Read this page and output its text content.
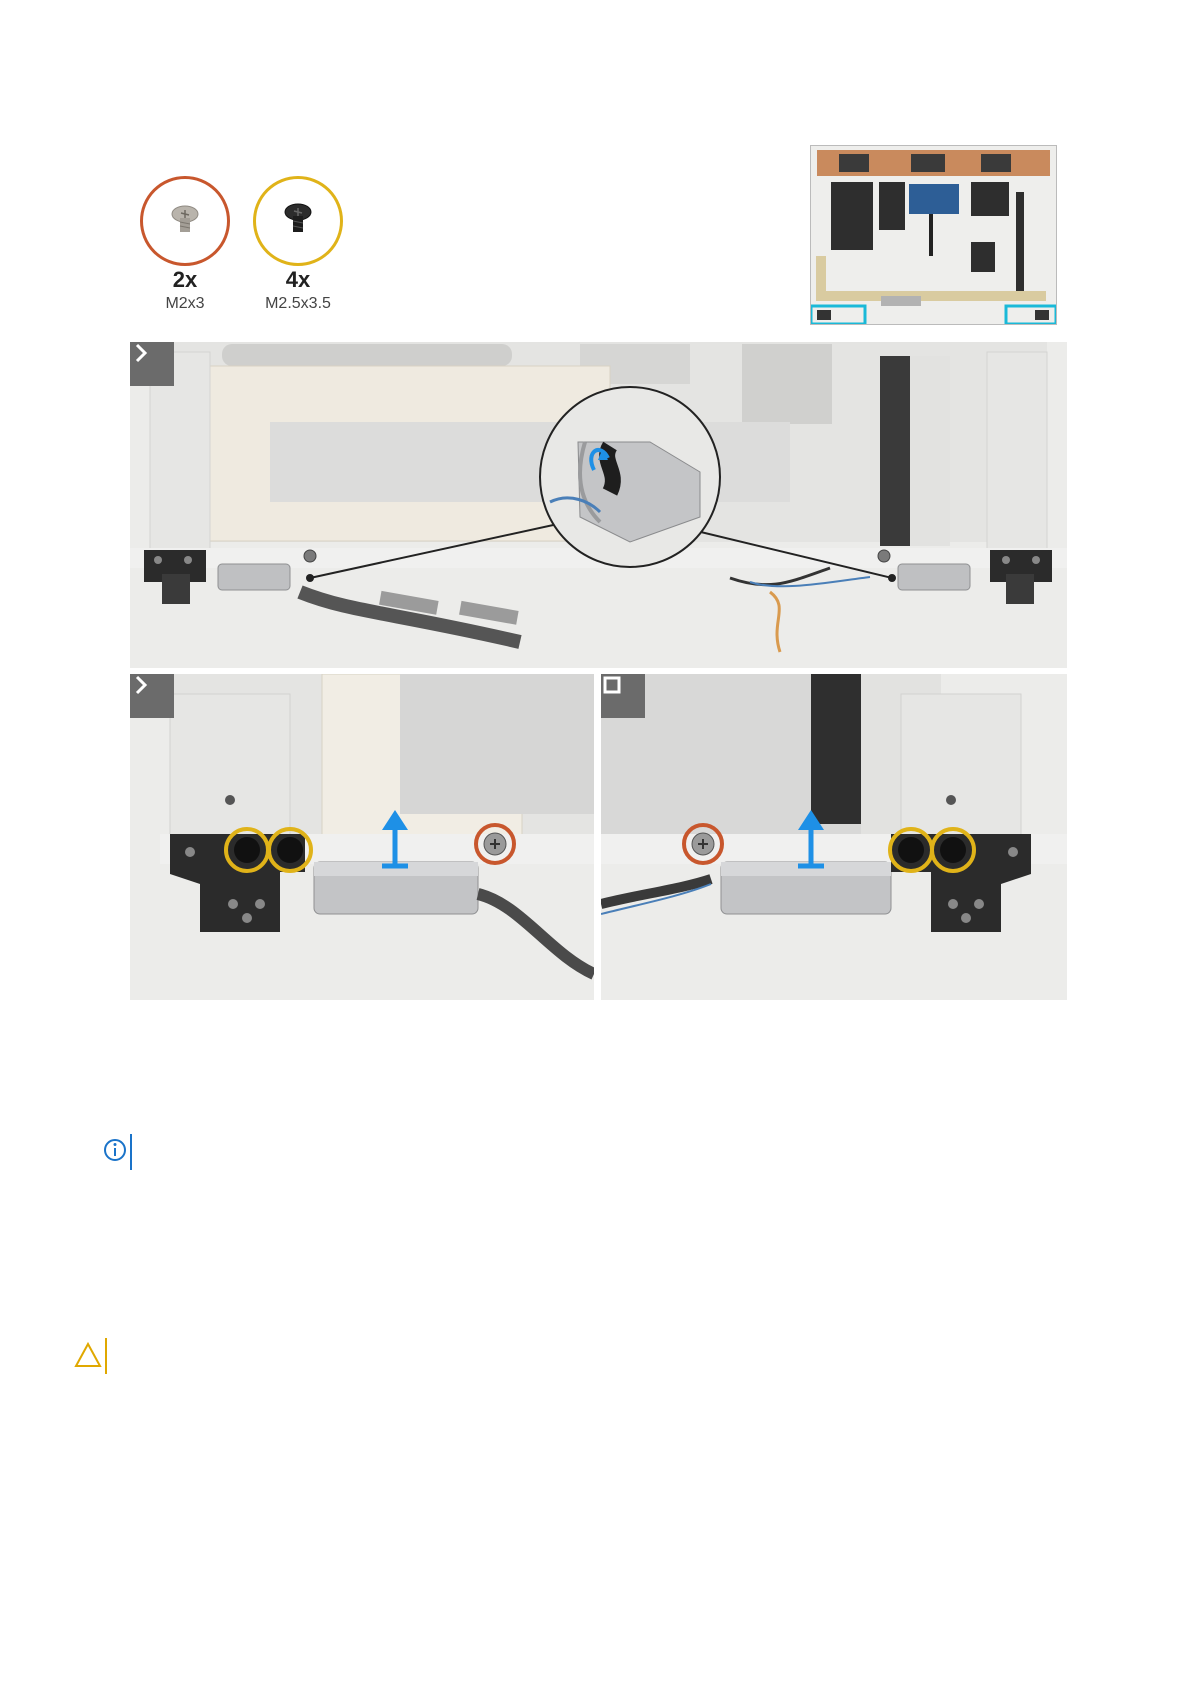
2x
M2x3
4x
M2.5x3.5
